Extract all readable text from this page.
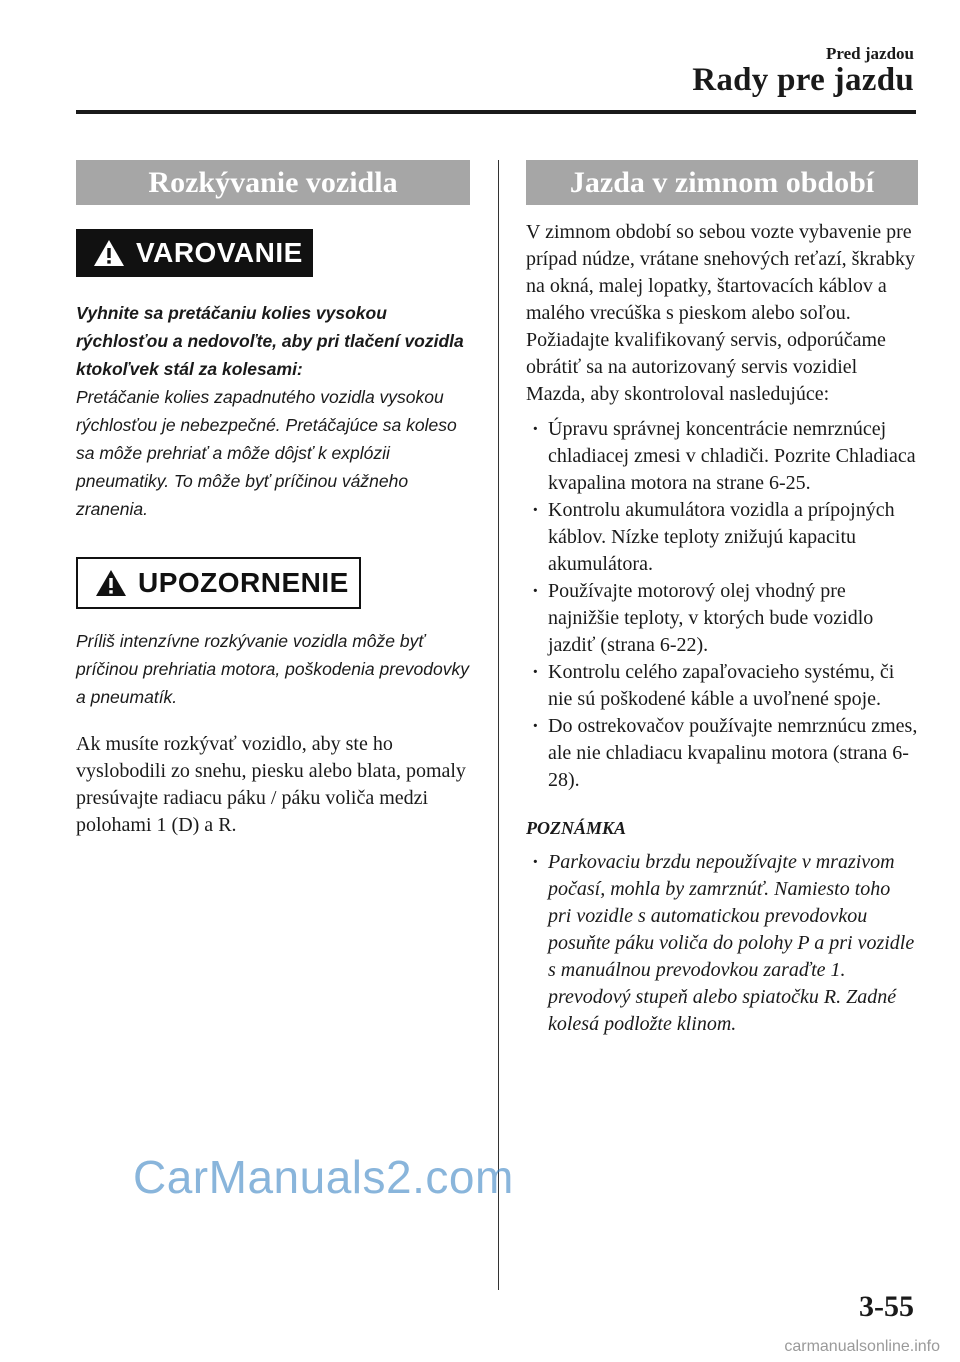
Pred jazdou
Rady pre jazdu
Rozkývanie vozidla
VAROVANIE

Vyhnite sa pretáčaniu kolies vysokou rýchlosťou a nedovoľte, aby pri tlačení vozidla ktokoľvek stál za kolesami:

Pretáčanie kolies zapadnutého vozidla vysokou rýchlosťou je nebezpečné. Pretáčajúce sa koleso sa môže prehriať a môže dôjsť k explózii pneumatiky. To môže byť príčinou vážneho zranenia.

UPOZORNENIE

Príliš intenzívne rozkývanie vozidla môže byť príčinou prehriatia motora, poškodenia prevodovky a pneumatík.

Ak musíte rozkývať vozidlo, aby ste ho vyslobodili zo snehu, piesku alebo blata, pomaly presúvajte radiacu páku / páku voliča medzi polohami 1 (D) a R.

Jazda v zimnom období

V zimnom období so sebou vozte vybavenie pre prípad núdze, vrátane snehových reťazí, škrabky na okná, malej lopatky, štartovacích káblov a malého vrecúška s pieskom alebo soľou. Požiadajte kvalifikovaný servis, odporúčame obrátiť sa na autorizovaný servis vozidiel Mazda, aby skontroloval nasledujúce:

· Úpravu správnej koncentrácie nemrznúcej chladiacej zmesi v chladiči. Pozrite Chladiaca kvapalina motora na strane 6-25.
· Kontrolu akumulátora vozidla a prípojných káblov. Nízke teploty znižujú kapacitu akumulátora.
· Používajte motorový olej vhodný pre najnižšie teploty, v ktorých bude vozidlo jazdiť (strana 6-22).
· Kontrolu celého zapaľovacieho systému, či nie sú poškodené káble a uvoľnené spoje.
· Do ostrekovačov používajte nemrznúcu zmes, ale nie chladiacu kvapalinu motora (strana 6-28).
POZNÁMKA
· Parkovaciu brzdu nepoužívajte v mrazivom počasí, mohla by zamrznúť. Namiesto toho pri vozidle s automatickou prevodovkou posuňte páku voliča do polohy P a pri vozidle s manuálnou prevodovkou zaraďte 1. prevodový stupeň alebo spiatočku R. Zadné kolesá podložte klinom.
CarManuals2.com
3-55
carmanualsonline.info
